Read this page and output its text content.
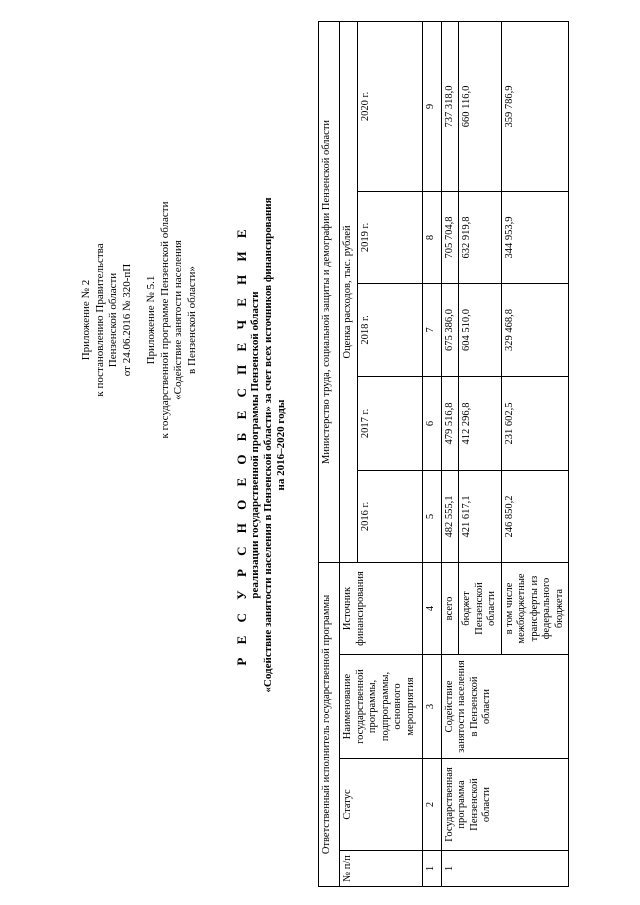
Приложение № 2 к постановлению Правительства Пензенской области от 24.06.2016 № 320-пП Приложение № 5.1 к государственной программе Пензенской области «Содействие занятости населения в Пензенской области»	Р Е С У Р С Н О Е О Б Е С П Е Ч Е Н И Е реализации государственной программы Пензенской области «Содействие занятости населения в Пензенской области» за счет всех источников финансирования на 2016–2020 годы
Ответственный исполнитель государственной программы				Министерство труда, социальной защиты и демографии Пензенской области				
№ п/п	Статус	Наименование государственной программы, подпрограммы, основного мероприятия	Источник финансирования	Оценка расходов, тыс. рублей				
				2016 г.	2017 г.	2018 г.	2019 г.	2020 г.
1	2	3	4	5	6	7	8	9
1	Государственная программа Пензенской области	Содействие занятости населения в Пензенской области	всего	482 555,1	479 516,8	675 386,0	705 704,8	737 318,0
			бюджет Пензенской области	421 617,1	412 296,8	604 510,0	632 919,8	660 116,0
			в том числе межбюджетные трансферты из федерального бюджета	246 850,2	231 602,5	329 468,8	344 953,9	359 786,9
